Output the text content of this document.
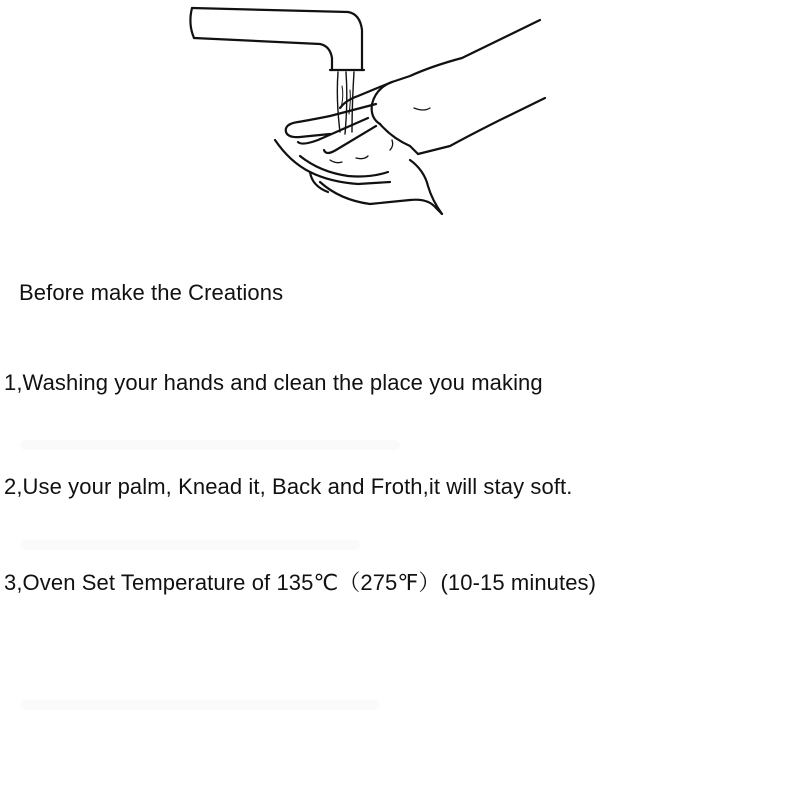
Before make the Creations
1,Washing your hands and clean the place you making
2,Use your palm, Knead it, Back and Froth,it will stay soft.
3,Oven Set Temperature of 135℃（275℉）(10-15 minutes)
